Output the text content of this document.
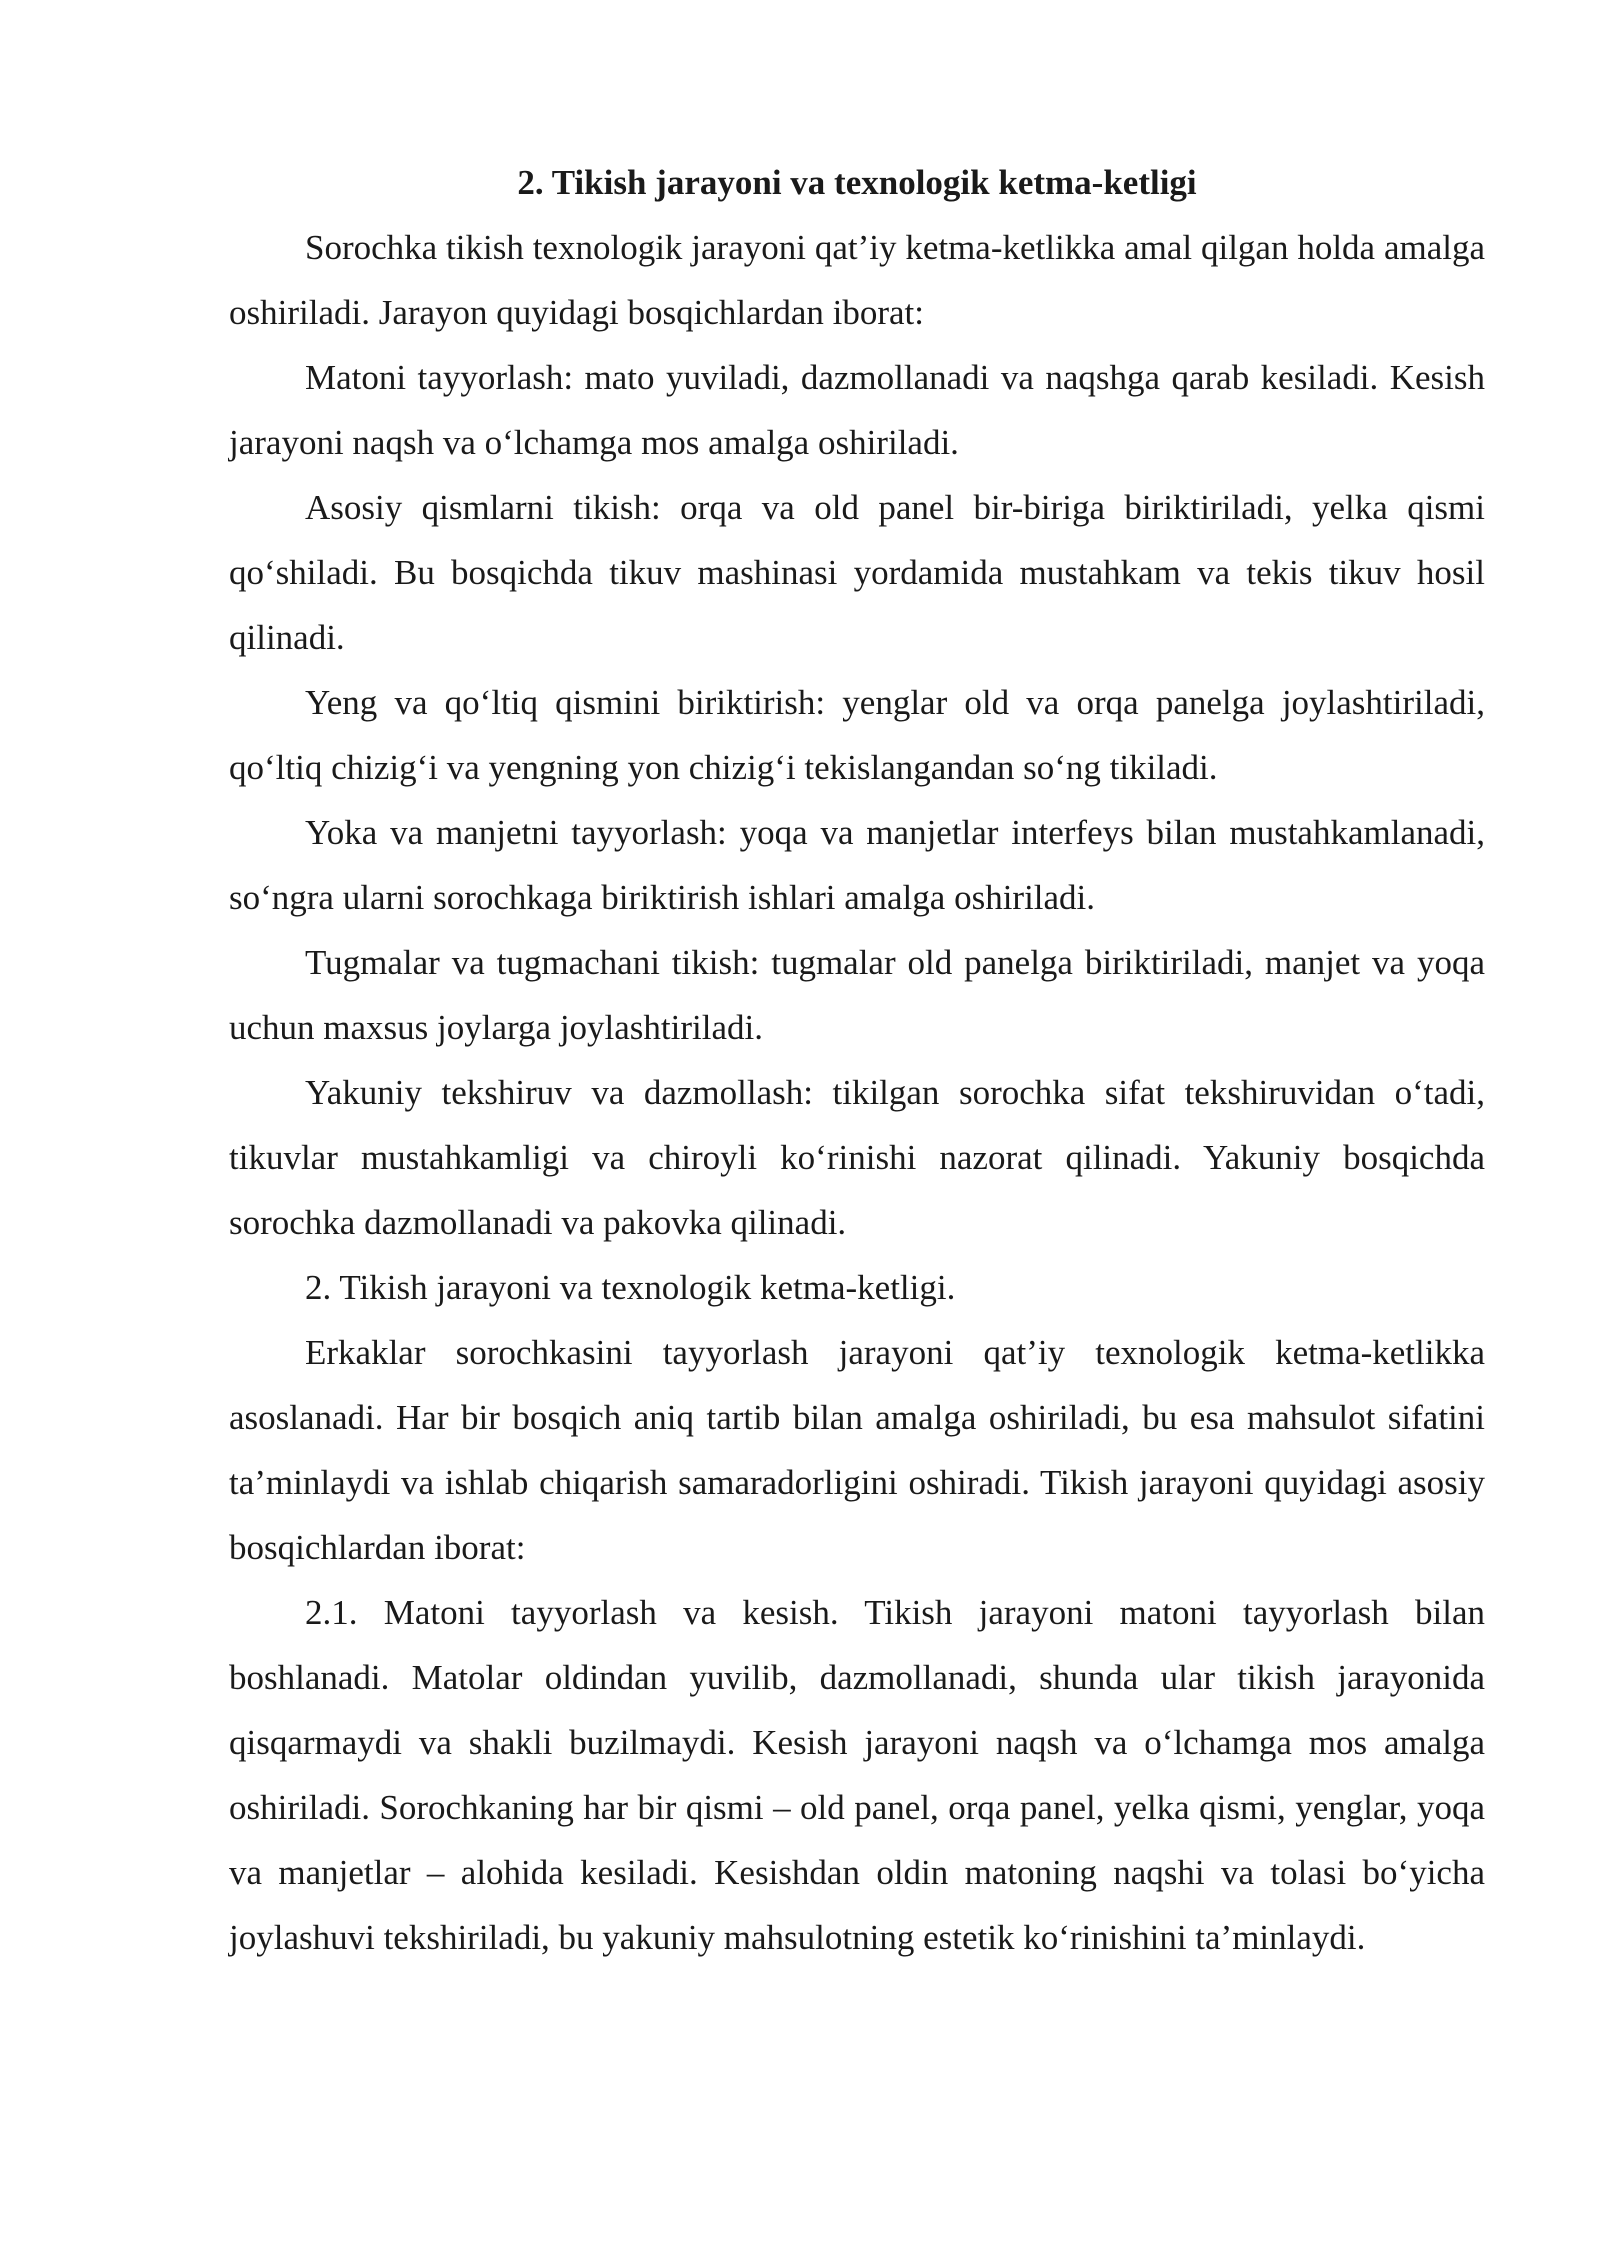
2. Tikish jarayoni va texnologik ketma-ketligi

Sorochka tikish texnologik jarayoni qat’iy ketma-ketlikka amal qilgan holda amalga oshiriladi. Jarayon quyidagi bosqichlardan iborat:

Matoni tayyorlash: mato yuviladi, dazmollanadi va naqshga qarab kesiladi. Kesish jarayoni naqsh va o‘lchamga mos amalga oshiriladi.

Asosiy qismlarni tikish: orqa va old panel bir-biriga biriktiriladi, yelka qismi qo‘shiladi. Bu bosqichda tikuv mashinasi yordamida mustahkam va tekis tikuv hosil qilinadi.

Yeng va qo‘ltiq qismini biriktirish: yenglar old va orqa panelga joylashtiriladi, qo‘ltiq chizig‘i va yengning yon chizig‘i tekislangandan so‘ng tikiladi.

Yoka va manjetni tayyorlash: yoqa va manjetlar interfeys bilan mustahkamlanadi, so‘ngra ularni sorochkaga biriktirish ishlari amalga oshiriladi.

Tugmalar va tugmachani tikish: tugmalar old panelga biriktiriladi, manjet va yoqa uchun maxsus joylarga joylashtiriladi.

Yakuniy tekshiruv va dazmollash: tikilgan sorochka sifat tekshiruvidan o‘tadi, tikuvlar mustahkamligi va chiroyli ko‘rinishi nazorat qilinadi. Yakuniy bosqichda sorochka dazmollanadi va pakovka qilinadi.

2. Tikish jarayoni va texnologik ketma-ketligi.

Erkaklar sorochkasini tayyorlash jarayoni qat’iy texnologik ketma-ketlikka asoslanadi. Har bir bosqich aniq tartib bilan amalga oshiriladi, bu esa mahsulot sifatini ta’minlaydi va ishlab chiqarish samaradorligini oshiradi. Tikish jarayoni quyidagi asosiy bosqichlardan iborat:

2.1. Matoni tayyorlash va kesish. Tikish jarayoni matoni tayyorlash bilan boshlanadi. Matolar oldindan yuvilib, dazmollanadi, shunda ular tikish jarayonida qisqarmaydi va shakli buzilmaydi. Kesish jarayoni naqsh va o‘lchamga mos amalga oshiriladi. Sorochkaning har bir qismi – old panel, orqa panel, yelka qismi, yenglar, yoqa va manjetlar – alohida kesiladi. Kesishdan oldin matoning naqshi va tolasi bo‘yicha joylashuvi tekshiriladi, bu yakuniy mahsulotning estetik ko‘rinishini ta’minlaydi.
